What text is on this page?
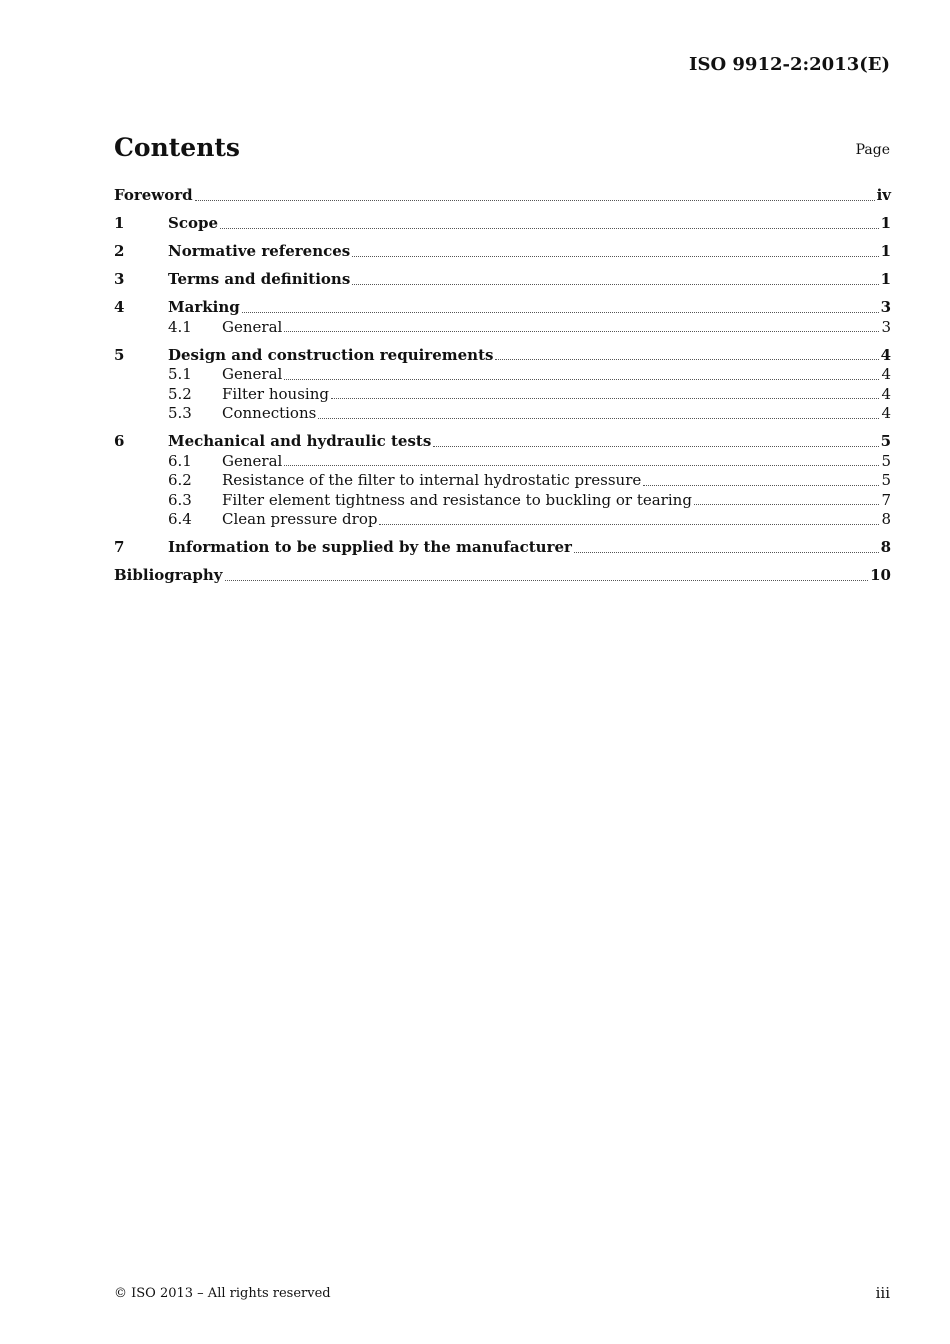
ISO 9912-2:2013(E)
Contents	Page
Foreword	iv
1	Scope	1
2	Normative references	1
3	Terms and definitions	1
4	Marking	3
4.1	General	3
5	Design and construction requirements	4
5.1	General	4
5.2	Filter housing	4
5.3	Connections	4
6	Mechanical and hydraulic tests	5
6.1	General	5
6.2	Resistance of the filter to internal hydrostatic pressure	5
6.3	Filter element tightness and resistance to buckling or tearing	7
6.4	Clean pressure drop	8
7	Information to be supplied by the manufacturer	8
Bibliography	10
© ISO 2013 – All rights reserved	iii
